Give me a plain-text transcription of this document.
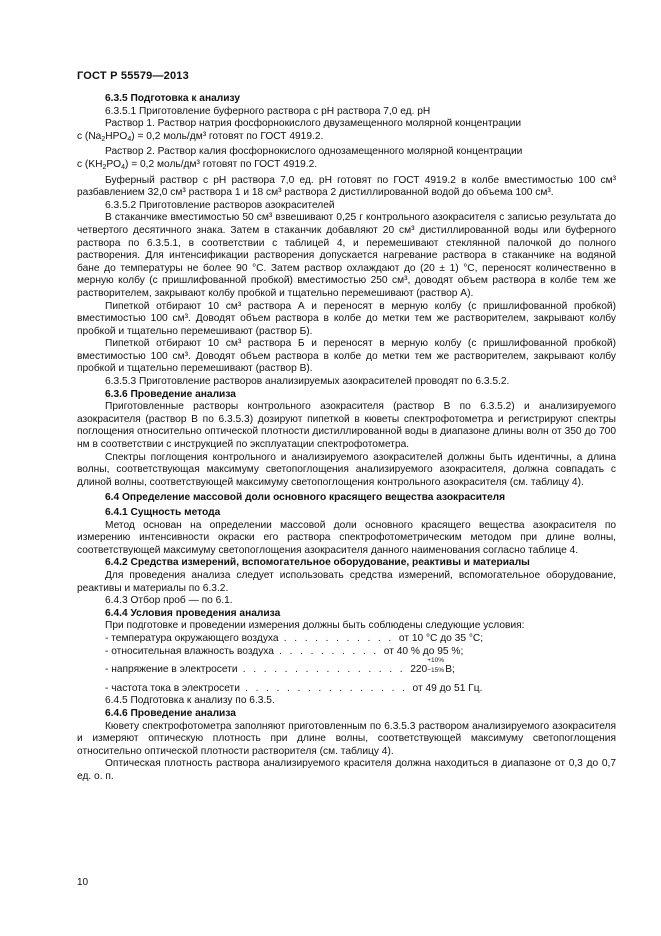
ГОСТ Р 55579—2013
6.3.5 Подготовка к анализу
6.3.5.1 Приготовление буферного раствора с рН раствора 7,0 ед. рН

Раствор 1. Раствор натрия фосфорнокислого двузамещенного молярной концентрации

c $(Na_2HPO_4) = 0,2$ моль/дм³ готовят по ГОСТ 4919.2.

Раствор 2. Раствор калия фосфорнокислого однозамещенного молярной концентрации

c $(KH_2PO_4) = 0,2$ моль/дм³ готовят по ГОСТ 4919.2.

Буферный раствор с рН раствора 7,0 ед. рН готовят по ГОСТ 4919.2 в колбе вместимостью 100 см³ разбавлением 32,0 см³ раствора 1 и 18 см³ раствора 2 дистиллированной водой до объема 100 см³.

6.3.5.2 Приготовление растворов азокрасителей

В стаканчике вместимостью 50 см³ взвешивают 0,25 г контрольного азокрасителя с записью результата до четвертого десятичного знака. Затем в стаканчик добавляют 20 см³ дистиллированной воды или буферного раствора по 6.3.5.1, в соответствии с таблицей 4, и перемешивают стеклянной палочкой до полного растворения. Для интенсификации растворения допускается нагревание раствора в стаканчике на водяной бане до температуры не более 90 °C. Затем раствор охлаждают до (20 ± 1) °C, переносят количественно в мерную колбу (с пришлифованной пробкой) вместимостью 250 см³, доводят объем раствора в колбе тем же растворителем, закрывают колбу пробкой и тщательно перемешивают (раствор А).

Пипеткой отбирают 10 см³ раствора А и переносят в мерную колбу (с пришлифованной пробкой) вместимостью 100 см³. Доводят объем раствора в колбе до метки тем же растворителем, закрывают колбу пробкой и тщательно перемешивают (раствор Б).

Пипеткой отбирают 10 см³ раствора Б и переносят в мерную колбу (с пришлифованной пробкой) вместимостью 100 см³. Доводят объем раствора в колбе до метки тем же растворителем, закрывают колбу пробкой и тщательно перемешивают (раствор В).

6.3.5.3 Приготовление растворов анализируемых азокрасителей проводят по 6.3.5.2.
6.3.6 Проведение анализа

Приготовленные растворы контрольного азокрасителя (раствор В по 6.3.5.2) и анализируемого азокрасителя (раствор В по 6.3.5.3) дозируют пипеткой в кюветы спектрофотометра и регистрируют спектры поглощения относительно оптической плотности дистиллированной воды в диапазоне длины волн от 350 до 700 нм в соответствии с инструкцией по эксплуатации спектрофотометра.

Спектры поглощения контрольного и анализируемого азокрасителей должны быть идентичны, а длина волны, соответствующая максимуму светопоглощения анализируемого азокрасителя, должна совпадать с длиной волны, соответствующей максимуму светопоглощения контрольного азокрасителя (см. таблицу 4).

6.4 Определение массовой доли основного красящего вещества азокрасителя
6.4.1 Сущность метода

Метод основан на определении массовой доли основного красящего вещества азокрасителя по измерению интенсивности окраски его раствора спектрофотометрическим методом при длине волны, соответствующей максимуму светопоглощения азокрасителя данного наименования согласно таблице 4.

6.4.2 Средства измерений, вспомогательное оборудование, реактивы и материалы

Для проведения анализа следует использовать средства измерений, вспомогательное оборудование, реактивы и материалы по 6.3.2.

6.4.3 Отбор проб — по 6.1.
6.4.4 Условия проведения анализа

При подготовке и проведении измерения должны быть соблюдены следующие условия:

- температура окружающего воздуха . . . . . . . . . . . от 10 °C до 35 °C;
- относительная влажность воздуха . . . . . . . . . . от 40 % до 95 %;
- напряжение в электросети . . . . . . . . . . . . . . . . 220
+10%
−15% В;
- частота тока в электросети . . . . . . . . . . . . . . . . от 49 до 51 Гц.
6.4.5 Подготовка к анализу по 6.3.5.
6.4.6 Проведение анализа

Кювету спектрофотометра заполняют приготовленным по 6.3.5.3 раствором анализируемого азокрасителя и измеряют оптическую плотность при длине волны, соответствующей максимуму светопоглощения относительно оптической плотности растворителя (см. таблицу 4).

Оптическая плотность раствора анализируемого красителя должна находиться в диапазоне от 0,3 до 0,7 ед. о. п.

10
